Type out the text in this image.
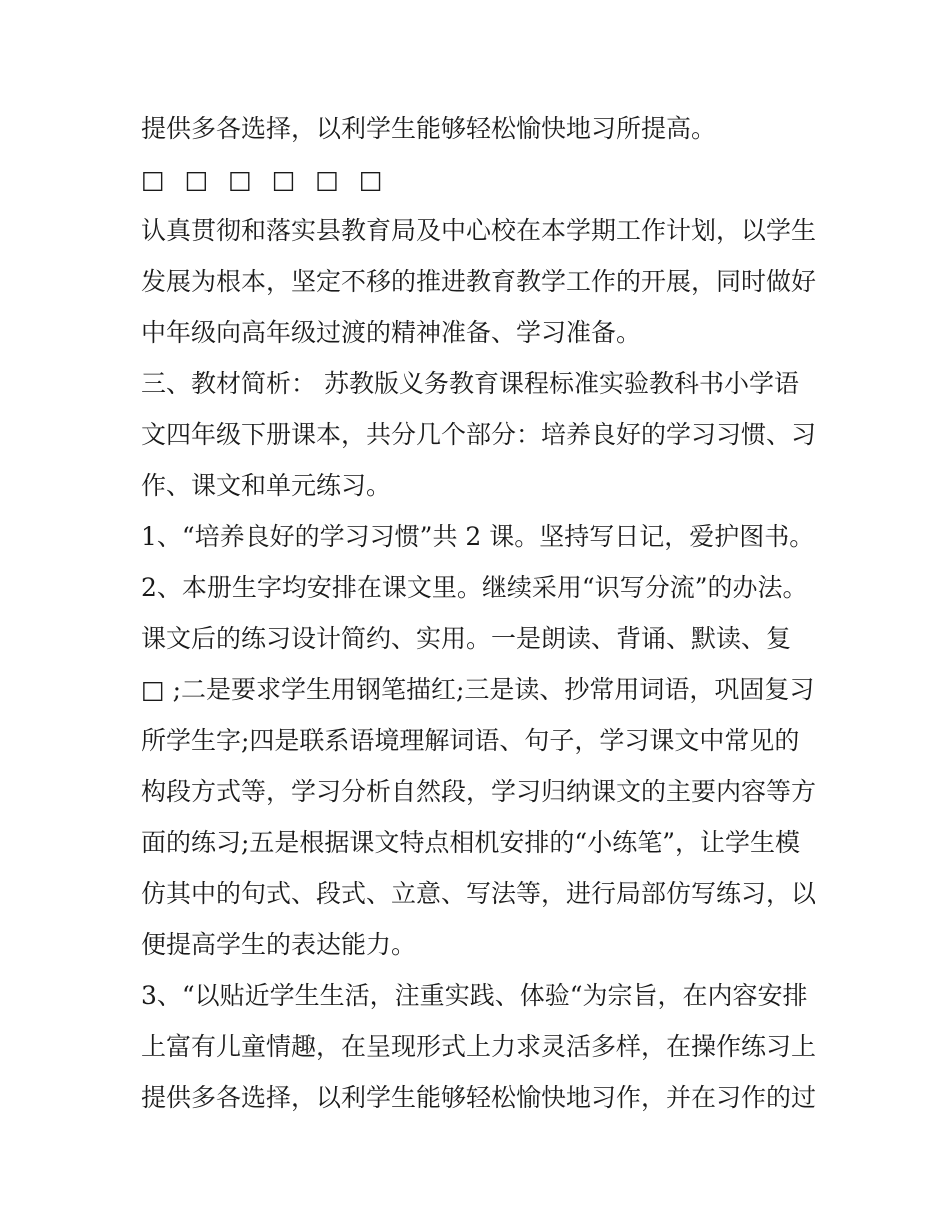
提供多各选择，以利学生能够轻松愉快地习所提高。
□ □ □ □ □ □
认真贯彻和落实县教育局及中心校在本学期工作计划，以学生
发展为根本，坚定不移的推进教育教学工作的开展，同时做好
中年级向高年级过渡的精神准备、学习准备。
三、教材简析： 苏教版义务教育课程标准实验教科书小学语
文四年级下册课本，共分几个部分：培养良好的学习习惯、习
作、课文和单元练习。
1、“培养良好的学习习惯”共 2 课。坚持写日记，爱护图书。
2、本册生字均安排在课文里。继续采用“识写分流”的办法。
课文后的练习设计简约、实用。一是朗读、背诵、默读、复
□ ;二是要求学生用钢笔描红;三是读、抄常用词语，巩固复习
所学生字;四是联系语境理解词语、句子，学习课文中常见的
构段方式等，学习分析自然段，学习归纳课文的主要内容等方
面的练习;五是根据课文特点相机安排的“小练笔”，让学生模
仿其中的句式、段式、立意、写法等，进行局部仿写练习，以
便提高学生的表达能力。
3、“以贴近学生生活，注重实践、体验“为宗旨，在内容安排
上富有儿童情趣，在呈现形式上力求灵活多样，在操作练习上
提供多各选择，以利学生能够轻松愉快地习作，并在习作的过
